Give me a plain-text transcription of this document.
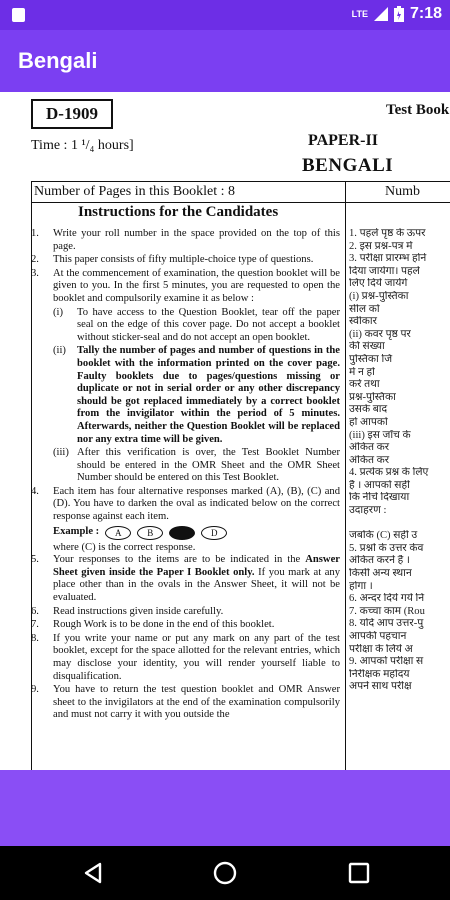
LTE	7:18
Bengali
D-1909	Test Book
Time : 1 ¹/₄ hours]	PAPER-II
BENGALI
Number of Pages in this Booklet : 8	Numb
Instructions for the Candidates
1.	Write your roll number in the space provided on the top of this page.
2.	This paper consists of fifty multiple-choice type of questions.
3.	At the commencement of examination, the question booklet will be given to you. In the first 5 minutes, you are requested to open the booklet and compulsorily examine it as below :
(i)	To have access to the Question Booklet, tear off the paper seal on the edge of this cover page. Do not accept a booklet without sticker-seal and do not accept an open booklet.
(ii)	Tally the number of pages and number of questions in the booklet with the information printed on the cover page. Faulty booklets due to pages/questions missing or duplicate or not in serial order or any other discrepancy should be got replaced immediately by a correct booklet from the invigilator within the period of 5 minutes. Afterwards, neither the Question Booklet will be replaced nor any extra time will be given.
(iii) After this verification is over, the Test Booklet Number should be entered in the OMR Sheet and the OMR Sheet Number should be entered on this Test Booklet.
4.	Each item has four alternative responses marked (A), (B), (C) and (D). You have to darken the oval as indicated below on the correct response against each item.
Example :	A	B	D
where (C) is the correct response.
5.	Your responses to the items are to be indicated in the Answer Sheet given inside the Paper I Booklet only. If you mark at any place other than in the ovals in the Answer Sheet, it will not be evaluated.
6.	Read instructions given inside carefully.
7.	Rough Work is to be done in the end of this booklet.
8.	If you write your name or put any mark on any part of the test booklet, except for the space allotted for the relevant entries, which may disclose your identity, you will render yourself liable to disqualification.
9.	You have to return the test question booklet and OMR Answer sheet to the invigilators at the end of the examination compulsorily and must not carry it with you outside the
1. पहले पृष्ठ के ऊपर
2. इस प्रश्न-पत्र में
3. परीक्षा प्रारम्भ होने
दिया जायेगा। पहले
लिए दिये जायेंगे
(i) प्रश्न-पुस्तिका
सील को
स्वीकार
(ii) कवर पृष्ठ पर
की संख्या
पुस्तिका जि
में न हों
करें तथा
प्रश्न-पुस्तिका
उसके बाद
हो आपको
(iii) इस जाँच के
अंकित कर
अंकित कर
4. प्रत्येक प्रश्न के लिए
है । आपको सही
कि नीचे दिखाया
उदाहरण :

जबकि (C) सही उ
5. प्रश्नों के उत्तर केव
अंकित करने हैं ।
किसी अन्य स्थान
होगा ।
6. अन्दर दिये गये नि
7. कच्चा काम (Rou
8. यदि आप उत्तर-पु
आपकी पहचान
परीक्षा के लिये अ
9. आपको परीक्षा स
निरीक्षक महोदय
अपने साथ परीक्ष
